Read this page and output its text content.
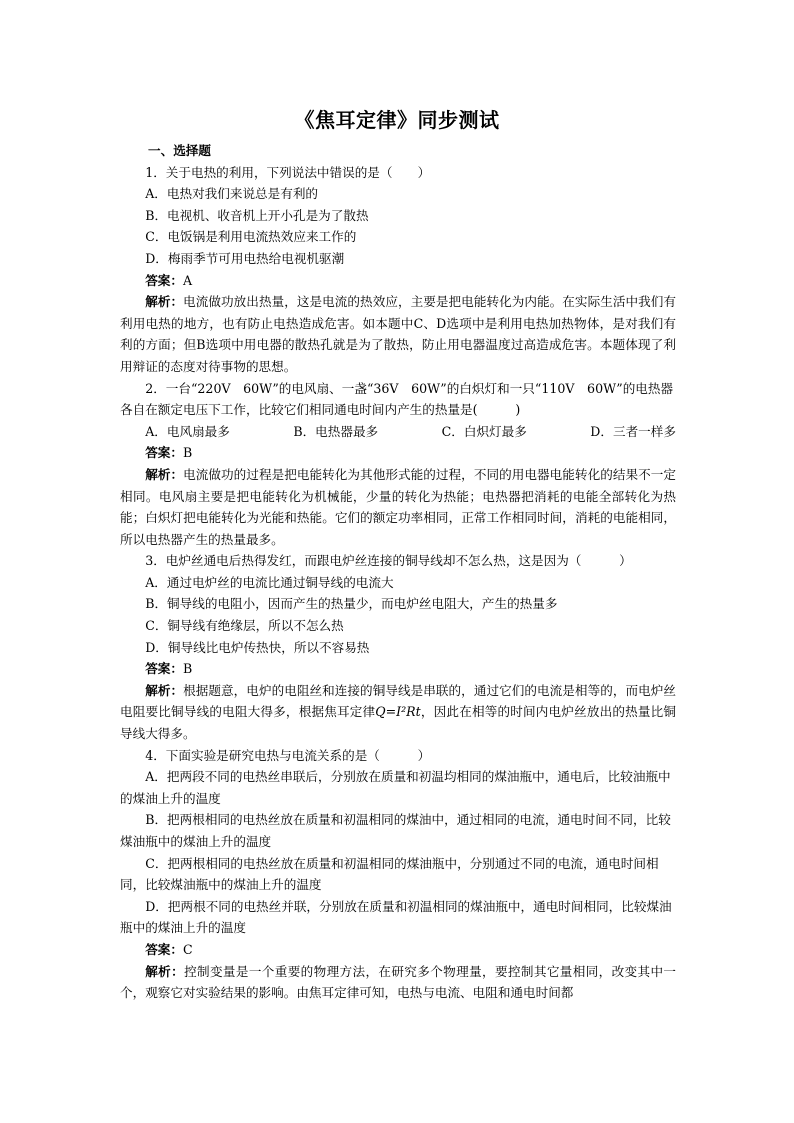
《焦耳定律》同步测试

一、选择题

1．关于电热的利用，下列说法中错误的是（　　）

A．电热对我们来说总是有利的

B．电视机、收音机上开小孔是为了散热

C．电饭锅是利用电流热效应来工作的

D．梅雨季节可用电热给电视机驱潮

答案：A

解析：电流做功放出热量，这是电流的热效应，主要是把电能转化为内能。在实际生活中我们有利用电热的地方，也有防止电热造成危害。如本题中C、D选项中是利用电热加热物体，是对我们有利的方面；但B选项中用电器的散热孔就是为了散热，防止用电器温度过高造成危害。本题体现了利用辩证的态度对待事物的思想。

2．一台“220V　60W”的电风扇、一盏“36V　60W”的白炽灯和一只“110V　60W”的电热器各自在额定电压下工作，比较它们相同通电时间内产生的热量是(　　　)

A．电风扇最多	B．电热器最多	C．白炽灯最多	D．三者一样多

答案：B

解析：电流做功的过程是把电能转化为其他形式能的过程，不同的用电器电能转化的结果不一定相同。电风扇主要是把电能转化为机械能，少量的转化为热能；电热器把消耗的电能全部转化为热能；白炽灯把电能转化为光能和热能。它们的额定功率相同，正常工作相同时间，消耗的电能相同，所以电热器产生的热量最多。

3．电炉丝通电后热得发红，而跟电炉丝连接的铜导线却不怎么热，这是因为（　　　）

A．通过电炉丝的电流比通过铜导线的电流大

B．铜导线的电阻小，因而产生的热量少，而电炉丝电阻大，产生的热量多

C．铜导线有绝缘层，所以不怎么热

D．铜导线比电炉传热快，所以不容易热

答案：B

解析：根据题意，电炉的电阻丝和连接的铜导线是串联的，通过它们的电流是相等的，而电炉丝电阻要比铜导线的电阻大得多，根据焦耳定律Q=I²Rt，因此在相等的时间内电炉丝放出的热量比铜导线大得多。

4．下面实验是研究电热与电流关系的是（　　　）

A．把两段不同的电热丝串联后，分别放在质量和初温均相同的煤油瓶中，通电后，比较油瓶中的煤油上升的温度

B．把两根相同的电热丝放在质量和初温相同的煤油中，通过相同的电流，通电时间不同，比较煤油瓶中的煤油上升的温度

C．把两根相同的电热丝放在质量和初温相同的煤油瓶中，分别通过不同的电流，通电时间相同，比较煤油瓶中的煤油上升的温度

D．把两根不同的电热丝并联，分别放在质量和初温相同的煤油瓶中，通电时间相同，比较煤油瓶中的煤油上升的温度

答案：C

解析：控制变量是一个重要的物理方法，在研究多个物理量，要控制其它量相同，改变其中一个，观察它对实验结果的影响。由焦耳定律可知，电热与电流、电阻和通电时间都
